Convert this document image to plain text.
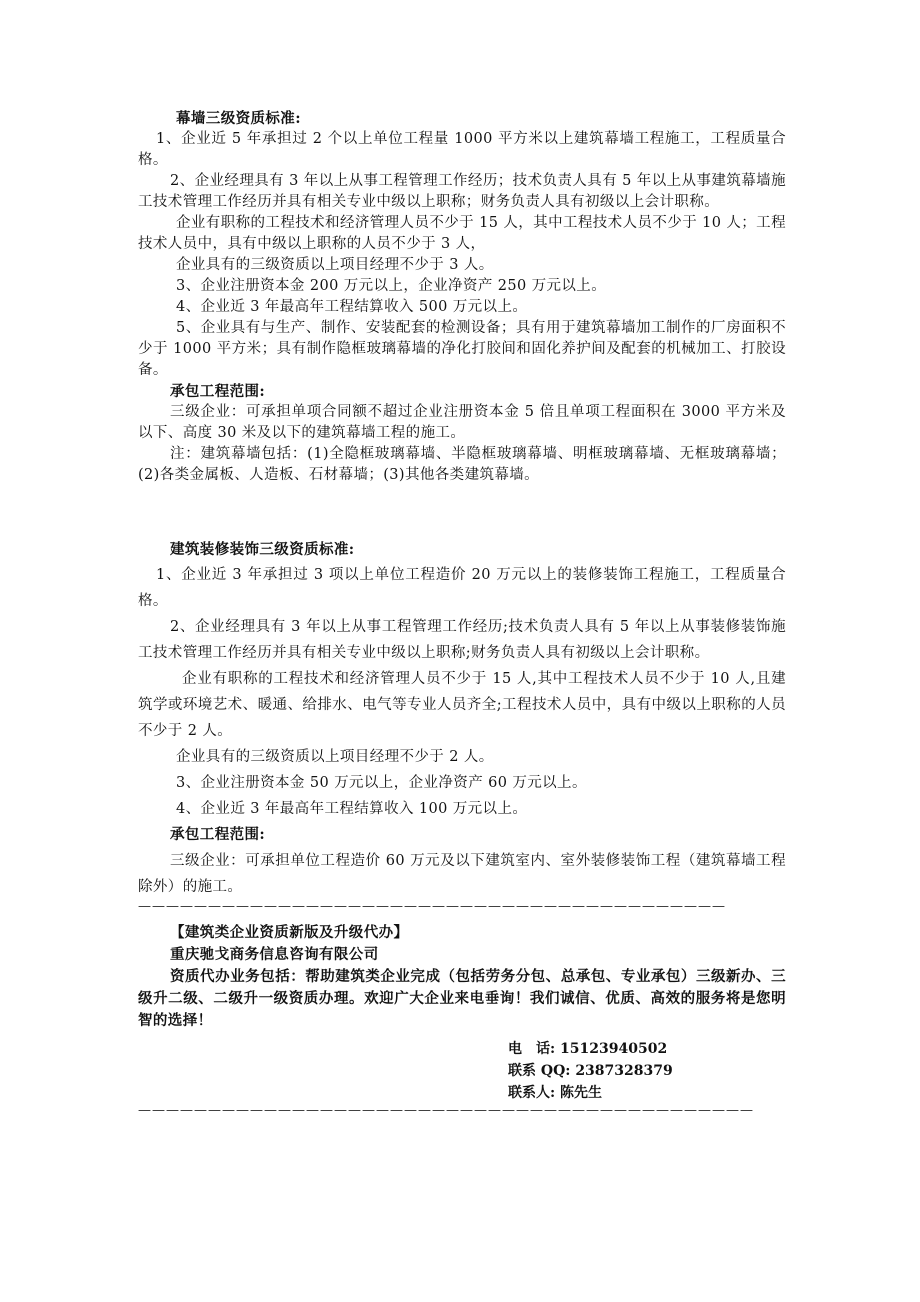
幕墙三级资质标准:

1、企业近 5 年承担过 2 个以上单位工程量 1000 平方米以上建筑幕墙工程施工，工程质量合格。

2、企业经理具有 3 年以上从事工程管理工作经历；技术负责人具有 5 年以上从事建筑幕墙施工技术管理工作经历并具有相关专业中级以上职称；财务负责人具有初级以上会计职称。

企业有职称的工程技术和经济管理人员不少于 15 人，其中工程技术人员不少于 10 人；工程技术人员中，具有中级以上职称的人员不少于 3 人，

企业具有的三级资质以上项目经理不少于 3 人。

3、企业注册资本金 200 万元以上，企业净资产 250 万元以上。

4、企业近 3 年最高年工程结算收入 500 万元以上。

5、企业具有与生产、制作、安装配套的检测设备；具有用于建筑幕墙加工制作的厂房面积不少于 1000 平方米；具有制作隐框玻璃幕墙的净化打胶间和固化养护间及配套的机械加工、打胶设备。

承包工程范围:

三级企业：可承担单项合同额不超过企业注册资本金 5 倍且单项工程面积在 3000 平方米及以下、高度 30 米及以下的建筑幕墙工程的施工。

注：建筑幕墙包括：(1)全隐框玻璃幕墙、半隐框玻璃幕墙、明框玻璃幕墙、无框玻璃幕墙；(2)各类金属板、人造板、石材幕墙；(3)其他各类建筑幕墙。

建筑装修装饰三级资质标准:

1、企业近 3 年承担过 3 项以上单位工程造价 20 万元以上的装修装饰工程施工，工程质量合格。

2、企业经理具有 3 年以上从事工程管理工作经历;技术负责人具有 5 年以上从事装修装饰施工技术管理工作经历并具有相关专业中级以上职称;财务负责人具有初级以上会计职称。

企业有职称的工程技术和经济管理人员不少于 15 人,其中工程技术人员不少于 10 人,且建筑学或环境艺术、暖通、给排水、电气等专业人员齐全;工程技术人员中，具有中级以上职称的人员不少于 2 人。

企业具有的三级资质以上项目经理不少于 2 人。

3、企业注册资本金 50 万元以上，企业净资产 60 万元以上。

4、企业近 3 年最高年工程结算收入 100 万元以上。

承包工程范围:

三级企业：可承担单位工程造价 60 万元及以下建筑室内、室外装修装饰工程（建筑幕墙工程除外）的施工。

——————————————————————————————————————————

【建筑类企业资质新版及升级代办】

重庆驰戈商务信息咨询有限公司

资质代办业务包括：帮助建筑类企业完成（包括劳务分包、总承包、专业承包）三级新办、三级升二级、二级升一级资质办理。欢迎广大企业来电垂询！我们诚信、优质、高效的服务将是您明智的选择！

电　话: 15123940502
联系 QQ: 2387328379
联系人: 陈先生

————————————————————————————————————————————
